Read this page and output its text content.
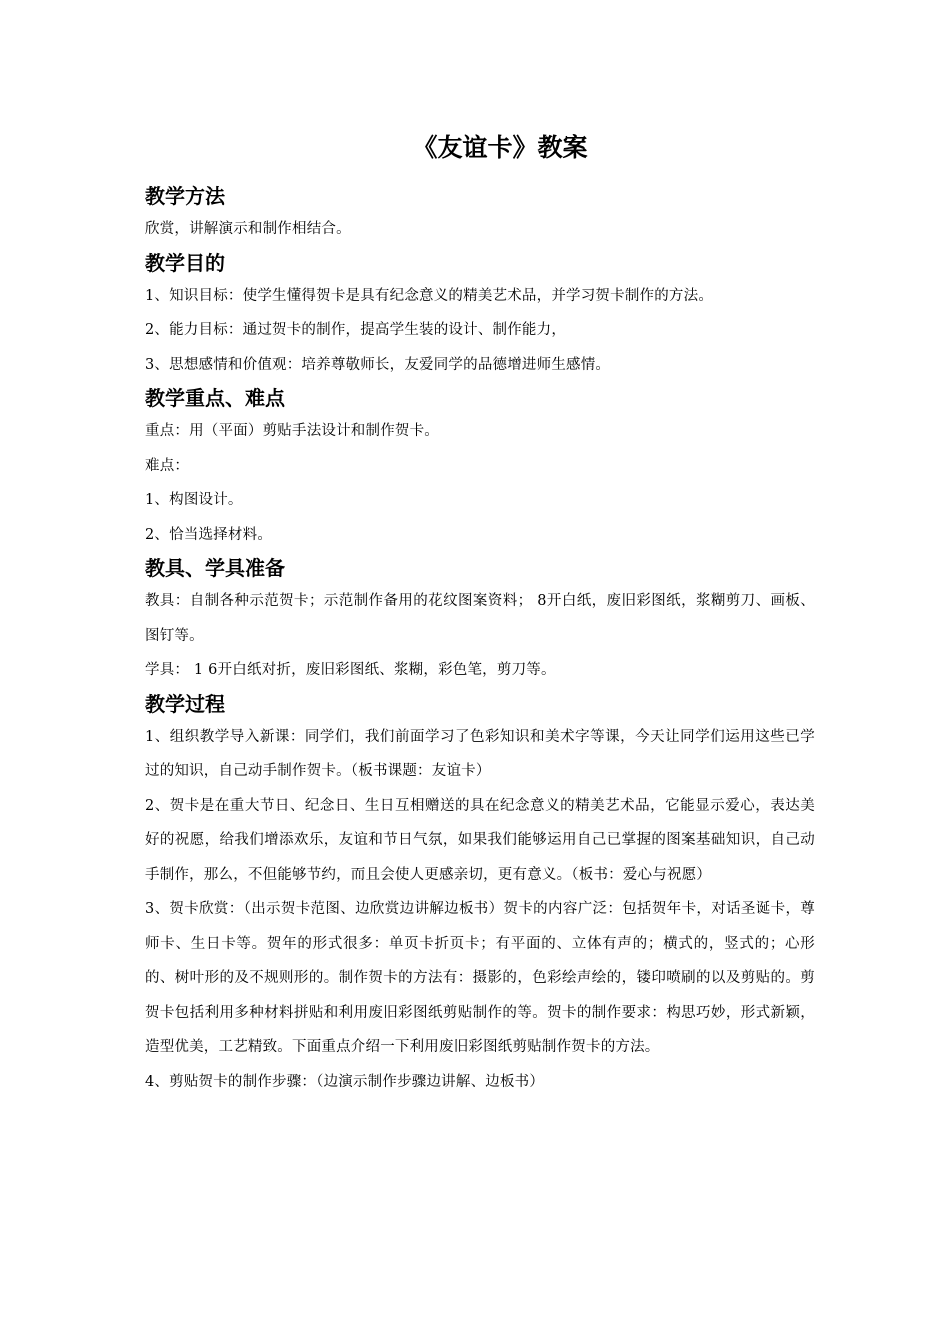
《友谊卡》教案
教学方法

欣赏，讲解演示和制作相结合。

教学目的

1、知识目标：使学生懂得贺卡是具有纪念意义的精美艺术品，并学习贺卡制作的方法。

2、能力目标：通过贺卡的制作，提高学生装的设计、制作能力，

3、思想感情和价值观：培养尊敬师长，友爱同学的品德增进师生感情。

教学重点、难点

重点：用（平面）剪贴手法设计和制作贺卡。

难点：

1、构图设计。

2、恰当选择材料。

教具、学具准备

教具：自制各种示范贺卡；示范制作备用的花纹图案资料； 8开白纸，废旧彩图纸，浆糊剪刀、画板、图钉等。

学具： 1 6开白纸对折，废旧彩图纸、浆糊，彩色笔，剪刀等。

教学过程

1、组织教学导入新课：同学们，我们前面学习了色彩知识和美术字等课，今天让同学们运用这些已学过的知识，自己动手制作贺卡。（板书课题：友谊卡）

2、贺卡是在重大节日、纪念日、生日互相赠送的具在纪念意义的精美艺术品，它能显示爱心，表达美好的祝愿，给我们增添欢乐，友谊和节日气氛，如果我们能够运用自己已掌握的图案基础知识，自己动手制作，那么，不但能够节约，而且会使人更感亲切，更有意义。（板书：爱心与祝愿）

3、贺卡欣赏：（出示贺卡范图、边欣赏边讲解边板书）贺卡的内容广泛：包括贺年卡，对话圣诞卡，尊师卡、生日卡等。贺年的形式很多：单页卡折页卡；有平面的、立体有声的；横式的，竖式的；心形的、树叶形的及不规则形的。制作贺卡的方法有：摄影的，色彩绘声绘的，镂印喷刷的以及剪贴的。剪贺卡包括利用多种材料拼贴和利用废旧彩图纸剪贴制作的等。贺卡的制作要求：构思巧妙，形式新颖，造型优美，工艺精致。下面重点介绍一下利用废旧彩图纸剪贴制作贺卡的方法。

4、剪贴贺卡的制作步骤：（边演示制作步骤边讲解、边板书）
